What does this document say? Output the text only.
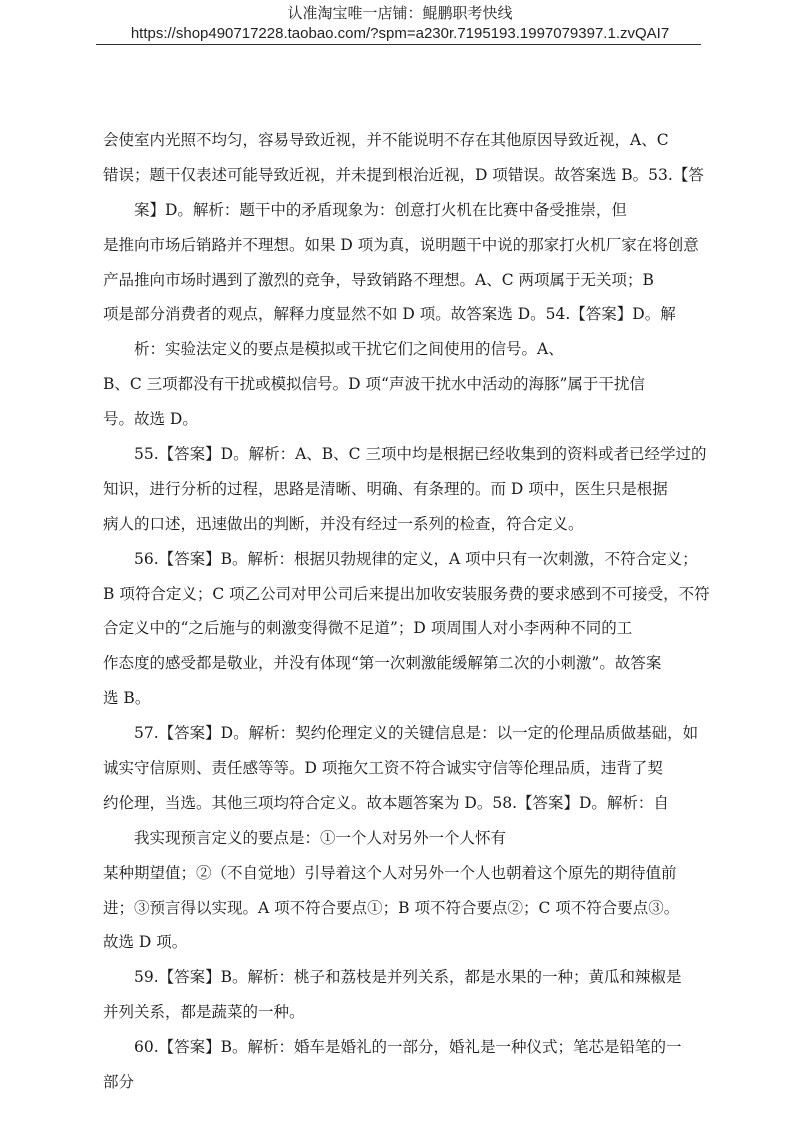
认准淘宝唯一店铺：鲲鹏职考快线
https://shop490717228.taobao.com/?spm=a230r.7195193.1997079397.1.zvQAI7
会使室内光照不均匀，容易导致近视，并不能说明不存在其他原因导致近视，A、C
错误；题干仅表述可能导致近视，并未提到根治近视，D 项错误。故答案选 B。53.【答
案】D。解析：题干中的矛盾现象为：创意打火机在比赛中备受推崇，但
是推向市场后销路并不理想。如果 D 项为真，说明题干中说的那家打火机厂家在将创意
产品推向市场时遇到了激烈的竞争，导致销路不理想。A、C 两项属于无关项；B
项是部分消费者的观点，解释力度显然不如 D 项。故答案选 D。54.【答案】D。解
析：实验法定义的要点是模拟或干扰它们之间使用的信号。A、
B、C 三项都没有干扰或模拟信号。D 项“声波干扰水中活动的海豚”属于干扰信
号。故选 D。
55.【答案】D。解析：A、B、C 三项中均是根据已经收集到的资料或者已经学过的
知识，进行分析的过程，思路是清晰、明确、有条理的。而 D 项中，医生只是根据
病人的口述，迅速做出的判断，并没有经过一系列的检查，符合定义。
56.【答案】B。解析：根据贝勃规律的定义，A 项中只有一次刺激，不符合定义；
B 项符合定义；C 项乙公司对甲公司后来提出加收安装服务费的要求感到不可接受，不符
合定义中的“之后施与的刺激变得微不足道”；D 项周围人对小李两种不同的工
作态度的感受都是敬业，并没有体现“第一次刺激能缓解第二次的小刺激”。故答案
选 B。
57.【答案】D。解析：契约伦理定义的关键信息是：以一定的伦理品质做基础，如
诚实守信原则、责任感等等。D 项拖欠工资不符合诚实守信等伦理品质，违背了契
约伦理，当选。其他三项均符合定义。故本题答案为 D。58.【答案】D。解析：自
我实现预言定义的要点是：①一个人对另外一个人怀有
某种期望值；②（不自觉地）引导着这个人对另外一个人也朝着这个原先的期待值前
进；③预言得以实现。A 项不符合要点①；B 项不符合要点②；C 项不符合要点③。
故选 D 项。
59.【答案】B。解析：桃子和荔枝是并列关系，都是水果的一种；黄瓜和辣椒是
并列关系，都是蔬菜的一种。
60.【答案】B。解析：婚车是婚礼的一部分，婚礼是一种仪式；笔芯是铅笔的一
部分
